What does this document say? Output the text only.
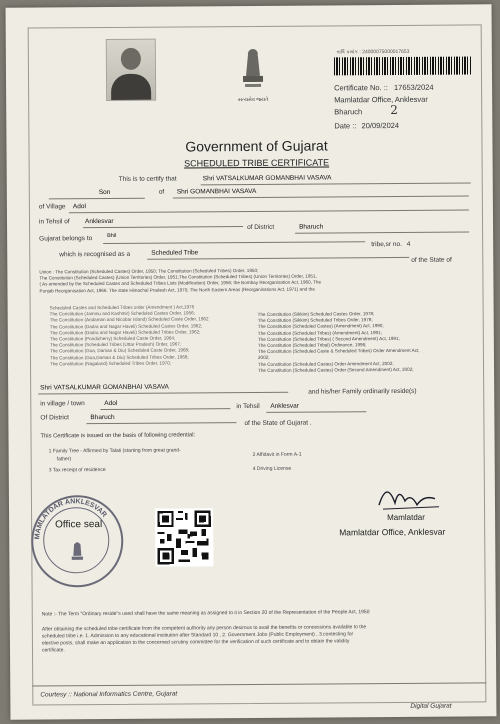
સત્યમેવ જયતે
ત્તાર્ષિ ક્રમાંક : 24000075000017653
Certificate No. :: 17653/2024
Mamlatdar Office, Anklesvar
Bharuch 2
Date :: 20/09/2024
Government of Gujarat
SCHEDULED TRIBE CERTIFICATE
This is to certify that	Shri VATSALKUMAR GOMANBHAI VASAVA
Son	of Shri GOMANBHAI VASAVA
of Village Adol
in Tehsil of Anklesvar
of District	Bharuch
Gujarat belongs to	Bhil
tribe,sr no. 4
which is recognised as a	Scheduled Tribe
of the State of
Union : The Constitution (Scheduled Castes) Order, 1950; The Constitution (Scheduled Tribes) Order, 1950;
The Constitution (Scheduled Castes) (Union Territories) Order, 1951;The Constitution (Scheduled Tribes) (Union Territories) Order, 1951,
( As amended by the Scheduled Castes and Scheduled Tribes Lists (Modification) Order, 1956; the Bombay Reorganisation Act, 1960, The
Punjab Reorganisation Act, 1966. The state Himachal Pradesh Act, 1970; The North Eastern Areas (Reorganisations Act, 1971) and the
Scheduled Castes and Scheduled Tribes order (Amendment ) Act,1976
The Constitution (Jammu and Kashmir) Scheduled Castes Order, 1956;
The Constitution (Andaman and Nicobar Island) Scheduled Caste Order, 1962
The Constitution (Dadra and Nagar Haveli) Scheduled Castes Order, 1962;
The Constitution (Dadra and Nagar Haveli) Scheduled Tribes Order, 1962;
The Constitution (Pondicherry) Scheduled Caste Order, 1964;
The Constitution (Scheduled Tribes (Uttar Pradesh) Order, 1967;
The Constitution (Goa, Daman & Diu) Scheduled Caste Order, 1968;
The Constitution (Goa,Daman & Diu) Scheduled Tribes Order, 1968;
The Constitution (Nagaland) Scheduled Tribes Order, 1970;
The Constitution (Sikkim) Scheduled Castes Order, 1978;
The Constitution (Sikkim) Scheduled Tribes Order, 1978;
The Constitution (Scheduled Castes) (Amendment) Act, 1990;
The Constitution (Scheduled Tribes) (Amendment) Act, 1991;
The Constitution (Scheduled Tribes) ( Second Amendment) Act, 1991;
The Constitution (Scheduled Tribal) Ordinance, 1996;
The Constitution (Scheduled Caste & Scheduled Tribes) Order Amendment Act,
2002;
The Constitution (Scheduled Castes) Order Amendment Act, 2002;
The Constitution (Scheduled Castes) Order (Second Amendment) Act, 2002;
Shri VATSALKUMAR GOMANBHAI VASAVA
and his/her Family ordinarily reside(s)
in village / town	Adol	in Tehsil Anklesvar
Of District	Bharuch
of the State of Gujarat .
This Certificate is issued on the basis of following credential:
1 Family Tree - Affirmed by Talati (starting from great grand-
father)
3 Tax receipt of residence
2 Affidavit in Form A-1
4 Driving License
MAMLATDAR ANKLESVAR
Office seal
Mamlatdar
Mamlatdar Office, Anklesvar
Note :- The Term "Ordinary reside"s used shall have the same meaning as assigned to it in Section 20 of the Representation of the People Act, 1950
After obtaining the scheduled tribe certificate from the competent authority any person desirous to avail the benefits or concessions available to the
scheduled tribe i.e. 1. Admission to any educational institution after Standard 10 , 2. Government Jobs (Public Employment) , 3.contesting for
elective posts, shall make an application to the concerned scrutiny committee for the verification of such certificate and to obtain the validity
certificate.
Courtesy :: National Informatics Centre, Gujarat
Digital Gujarat
